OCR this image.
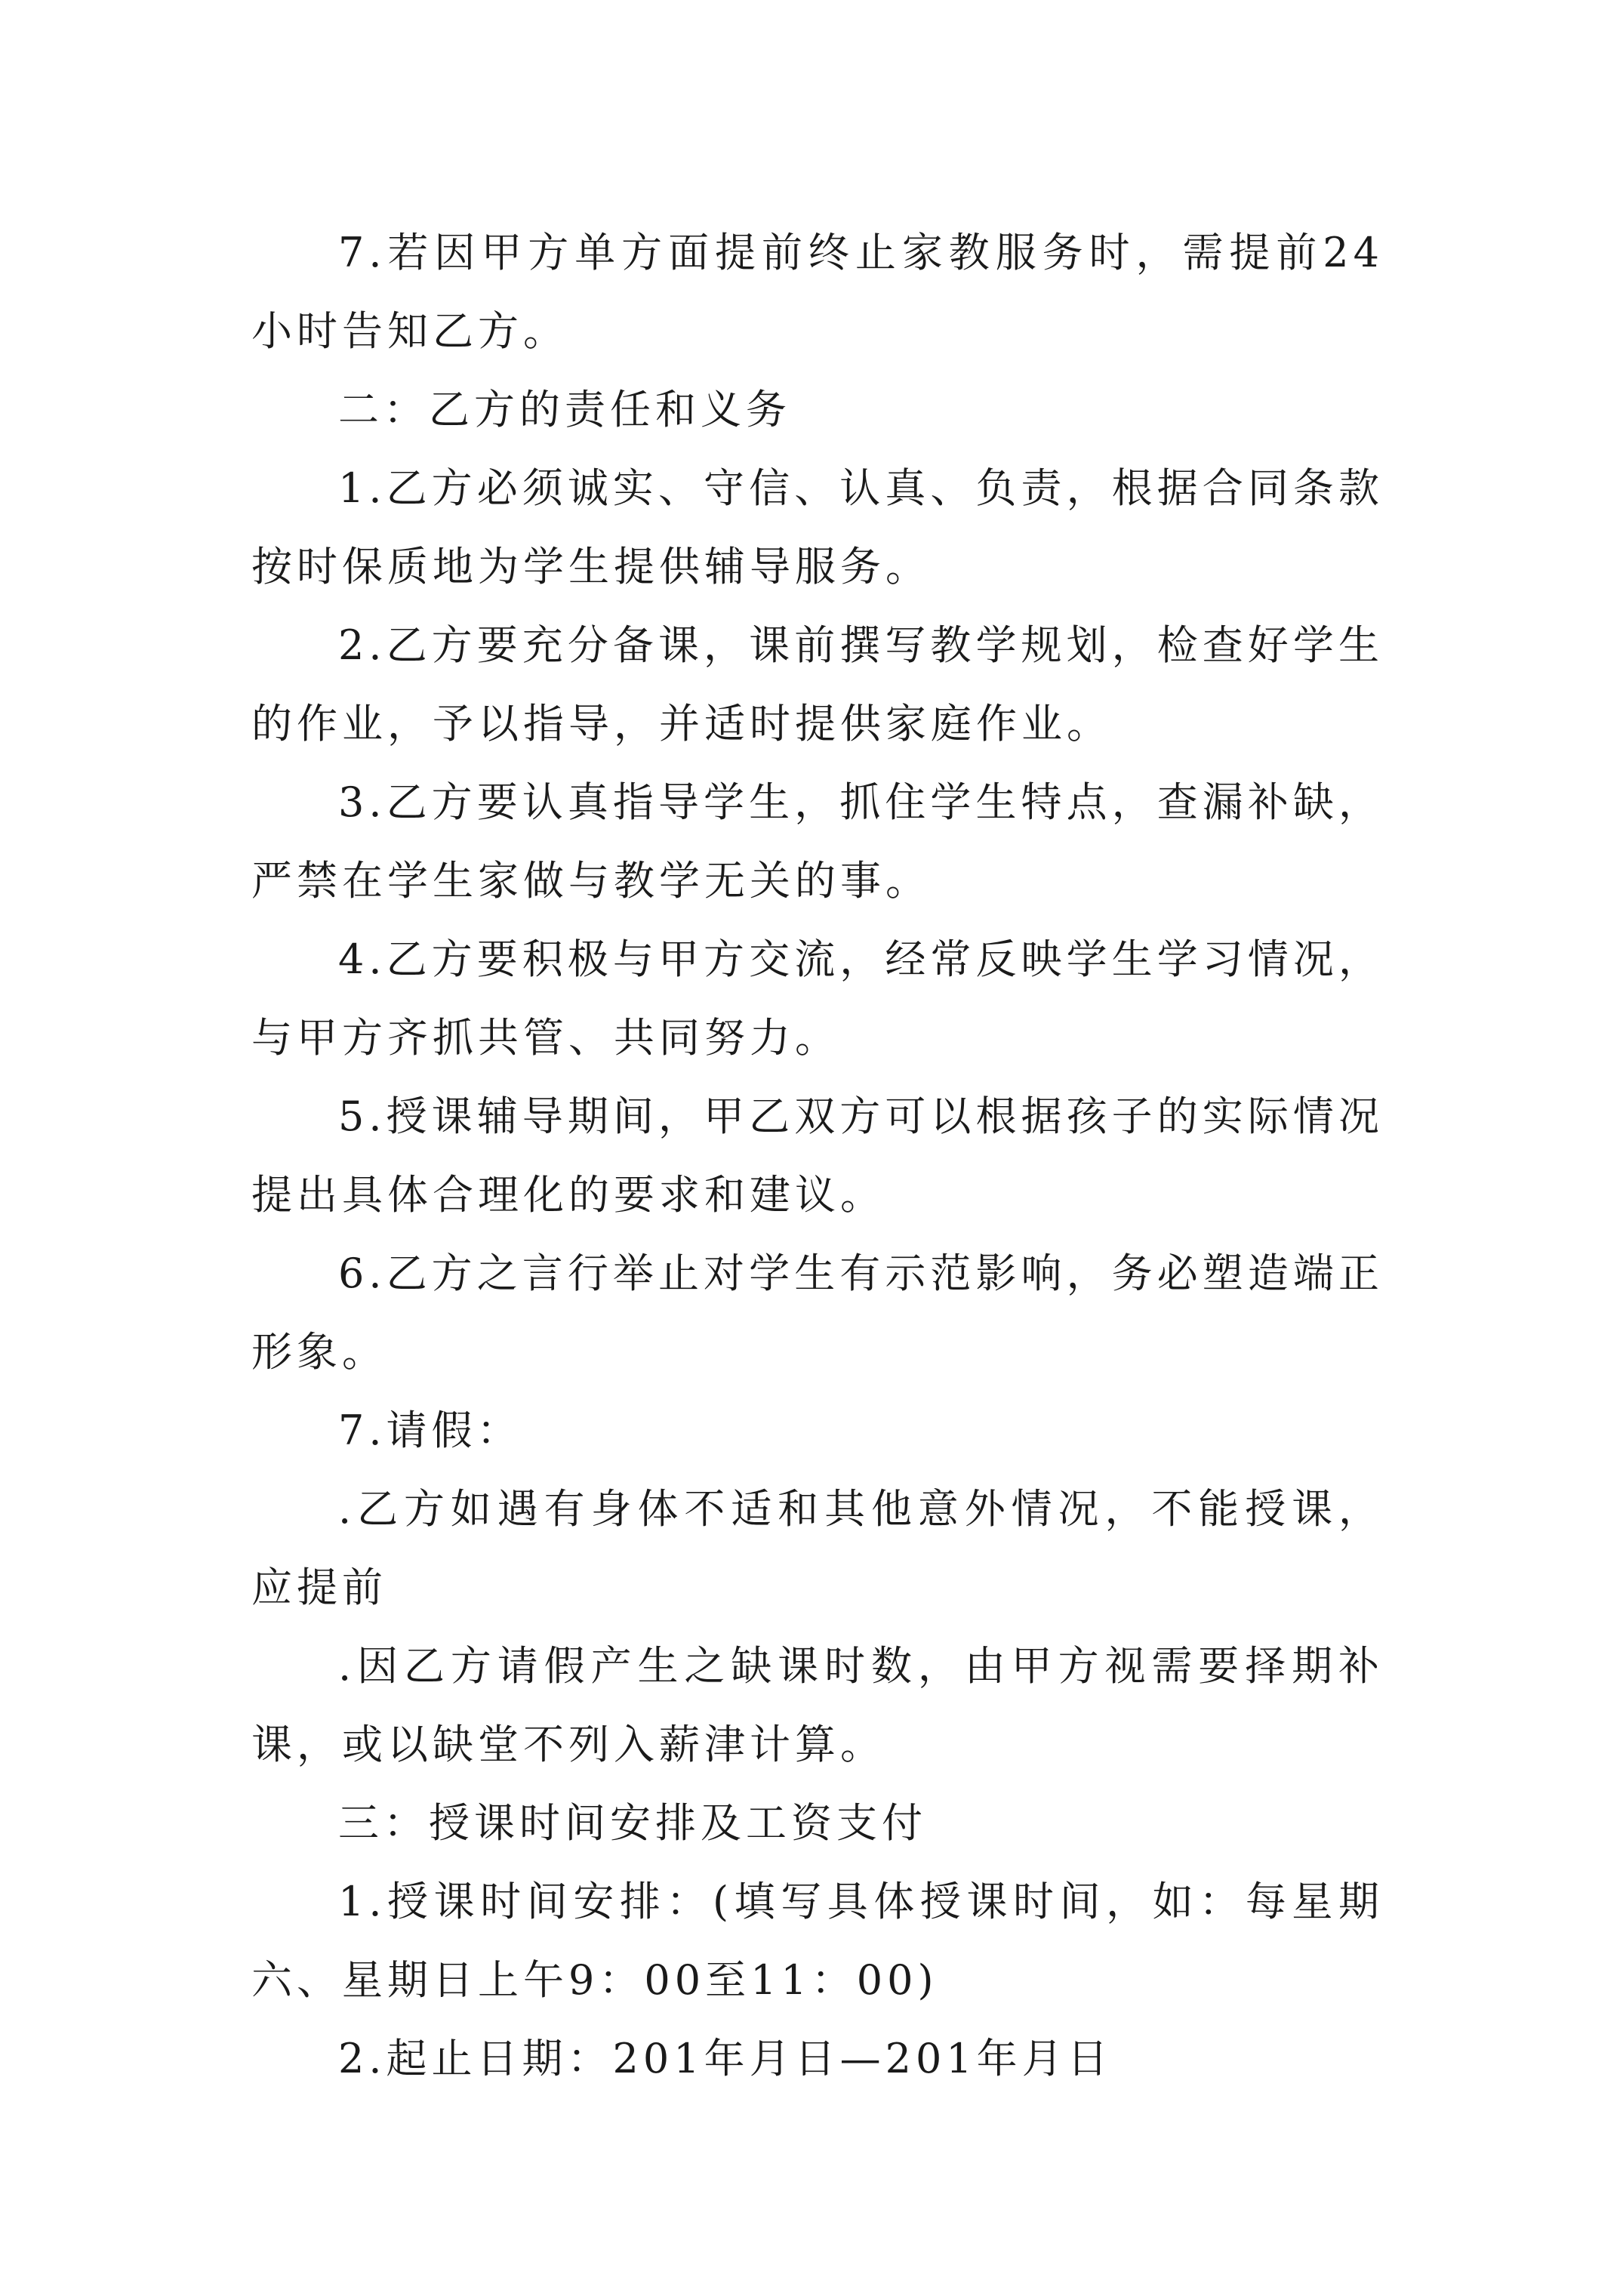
7.若因甲方单方面提前终止家教服务时，需提前24小时告知乙方。

二：乙方的责任和义务

1.乙方必须诚实、守信、认真、负责，根据合同条款按时保质地为学生提供辅导服务。

2.乙方要充分备课，课前撰写教学规划，检查好学生的作业，予以指导，并适时提供家庭作业。

3.乙方要认真指导学生，抓住学生特点，查漏补缺，严禁在学生家做与教学无关的事。

4.乙方要积极与甲方交流，经常反映学生学习情况，与甲方齐抓共管、共同努力。

5.授课辅导期间，甲乙双方可以根据孩子的实际情况提出具体合理化的要求和建议。

6.乙方之言行举止对学生有示范影响，务必塑造端正形象。

7.请假：

.乙方如遇有身体不适和其他意外情况，不能授课，应提前

.因乙方请假产生之缺课时数，由甲方视需要择期补课，或以缺堂不列入薪津计算。

三：授课时间安排及工资支付

1.授课时间安排：(填写具体授课时间，如：每星期六、星期日上午9：00至11：00)

2.起止日期：201年月日—201年月日
